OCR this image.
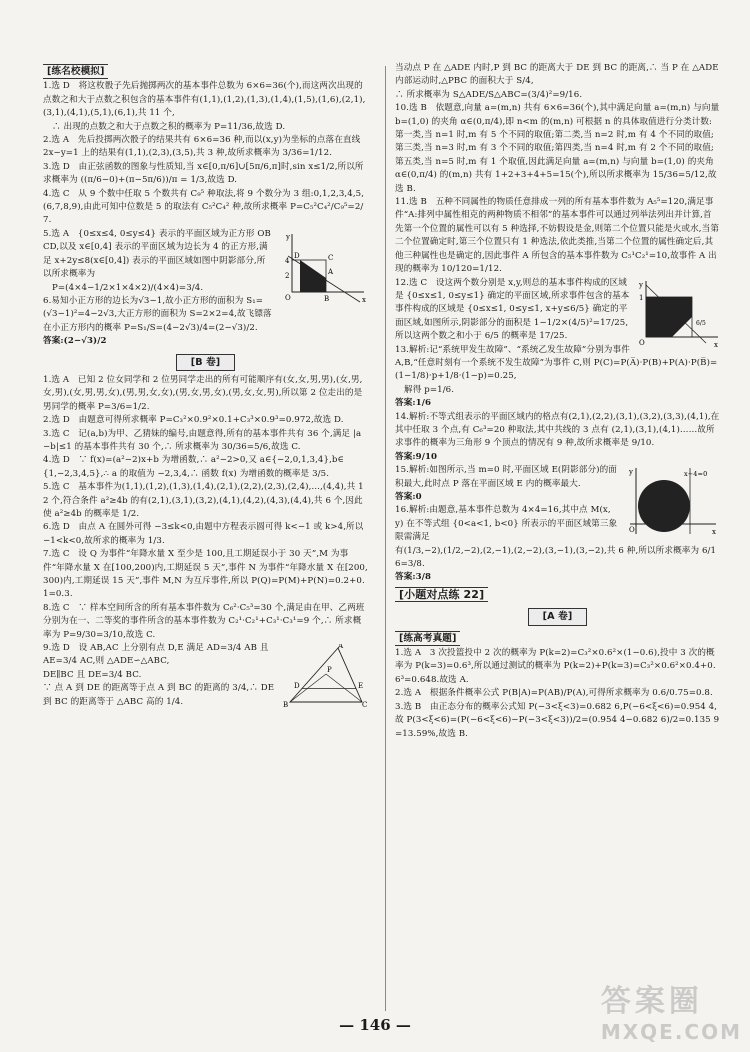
[练名校模拟]

1.选 D　将这枚骰子先后抛掷两次的基本事件总数为 6×6=36(个),而这两次出现的点数之和大于点数之积包含的基本事件有(1,1),(1,2),(1,3),(1,4),(1,5),(1,6),(2,1),(3,1),(4,1),(5,1),(6,1),共 11 个,

∴ 出现的点数之和大于点数之积的概率为 P=11/36,故选 D.

2.选 A　先后投掷两次骰子的结果共有 6×6=36 种,而以(x,y)为坐标的点落在直线 2x−y=1 上的结果有(1,1),(2,3),(3,5),共 3 种,故所求概率为 3/36=1/12.

3.选 D　由正弦函数的图象与性质知,当 x∈[0,π/6]∪[5π/6,π]时,sin x≤1/2,所以所求概率为 ((π/6−0)+(π−5π/6))/π = 1/3,故选 D.

4.选 C　从 9 个数中任取 5 个数共有 C₉⁵ 种取法,将 9 个数分为 3 组:0,1,2,3,4,5,(6,7,8,9),由此可知中位数是 5 的取法有 C₅²C₄² 种,故所求概率 P=C₅²C₄²/C₉⁵=2/7.

y
x
O
2
4
A
B
C
D

5.选 A　{0≤x≤4, 0≤y≤4} 表示的平面区域为正方形 OBCD,以及 x∈[0,4] 表示的平面区域为边长为 4 的正方形,满足 x+2y≤8(x∈[0,4]) 表示的平面区域如图中阴影部分,所以所求概率为

P=(4×4−1/2×1×4×2)/(4×4)=3/4.

6.易知小正方形的边长为√3−1,故小正方形的面积为 S₁=(√3−1)²=4−2√3,大正方形的面积为 S=2×2=4,故飞镖落在小正方形内的概率 P=S₁/S=(4−2√3)/4=(2−√3)/2.

答案:(2−√3)/2

[B 卷]

1.选 A　已知 2 位女同学和 2 位男同学走出的所有可能顺序有(女,女,男,男),(女,男,女,男),(女,男,男,女),(男,男,女,女),(男,女,男,女),(男,女,女,男),所以第 2 位走出的是男同学的概率 P=3/6=1/2.

2.选 D　由题意可得所求概率 P=C₃²×0.9²×0.1+C₃³×0.9³=0.972,故选 D.

3.选 C　记(a,b)为甲、乙猜妹的编号,由题意得,所有的基本事件共有 36 个,满足 |a−b|≤1 的基本事件共有 30 个,∴ 所求概率为 30/36=5/6,故选 C.

4.选 D　∵ f(x)=(a²−2)x+b 为增函数,∴ a²−2>0,又 a∈{−2,0,1,3,4},b∈{1,−2,3,4,5},∴ a 的取值为 −2,3,4,∴ 函数 f(x) 为增函数的概率是 3/5.

5.选 C　基本事件为(1,1),(1,2),(1,3),(1,4),(2,1),(2,2),(2,3),(2,4),…,(4,4),共 12 个,符合条件 a²≥4b 的有(2,1),(3,1),(3,2),(4,1),(4,2),(4,3),(4,4),共 6 个,因此使 a²≥4b 的概率是 1/2.

6.选 D　由点 A 在圆外可得 −3≤k<0,由题中方程表示圆可得 k<−1 或 k>4,所以 −1<k<0,故所求的概率为 1/3.

7.选 C　设 Q 为事件“年降水量 X 至少是 100,且工期延误小于 30 天”,M 为事件“年降水量 X 在[100,200)内,工期延误 5 天”,事件 N 为事件“年降水量 X 在[200,300)内,工期延误 15 天”,事件 M,N 为互斥事件,所以 P(Q)=P(M)+P(N)=0.2+0.1=0.3.

8.选 C　∵ 样本空间所含的所有基本事件数为 C₆²·C₅³=30 个,满足由在甲、乙两班分别为在一、二等奖的事件所含的基本事件数为 C₂¹·C₂¹+C₃¹·C₃¹=9 个,∴ 所求概率为 P=9/30=3/10,故选 C.

A
B	C
D	E
P

9.选 D　设 AB,AC 上分别有点 D,E 满足 AD=3/4 AB 且 AE=3/4 AC,则 △ADE∽△ABC,

DE∥BC 且 DE=3/4 BC.

∵ 点 A 到 DE 的距离等于点 A 到 BC 的距离的 3/4,∴ DE 到 BC 的距离等于 △ABC 高的 1/4.

当动点 P 在 △ADE 内时,P 到 BC 的距离大于 DE 到 BC 的距离,∴ 当 P 在 △ADE 内部运动时,△PBC 的面积大于 S/4,

∴ 所求概率为 S△ADE/S△ABC=(3/4)²=9/16.

10.选 B　依题意,向量 a=(m,n) 共有 6×6=36(个),其中满足向量 a=(m,n) 与向量 b=(1,0) 的夹角 α∈(0,π/4),即 n<m 的(m,n) 可根据 n 的具体取值进行分类计数:第一类,当 n=1 时,m 有 5 个不同的取值;第二类,当 n=2 时,m 有 4 个不同的取值;第三类,当 n=3 时,m 有 3 个不同的取值;第四类,当 n=4 时,m 有 2 个不同的取值;第五类,当 n=5 时,m 有 1 个取值,因此满足向量 a=(m,n) 与向量 b=(1,0) 的夹角 α∈(0,π/4) 的(m,n) 共有 1+2+3+4+5=15(个),所以所求概率为 15/36=5/12,故选 B.

11.选 B　五种不同属性的物质任意排成一列的所有基本事件数为 A₅⁵=120,满足事件“A:排列中属性相克的两种物质不相邻”的基本事件可以通过列举法列出并计算,首先第一个位置的属性可以有 5 种选择,不妨假设是金,则第二个位置只能是火或水,当第二个位置确定时,第三个位置只有 1 种选法,依此类推,当第二个位置的属性确定后,其他三种属性也是确定的,因此事件 A 所包含的基本事件数为 C₅¹C₂¹=10,故事件 A 出现的概率为 10/120=1/12.

y
x
O
1
6/5

12.选 C　设这两个数分别是 x,y,则总的基本事件构成的区域是 {0≤x≤1, 0≤y≤1} 确定的平面区域,所求事件包含的基本事件构成的区域是 {0≤x≤1, 0≤y≤1, x+y≤6/5} 确定的平面区域,如图所示,阴影部分的面积是 1−1/2×(4/5)²=17/25,所以这两个数之和小于 6/5 的概率是 17/25.

13.解析:记“系统甲发生故障”、“系统乙发生故障”分别为事件 A,B,“任意时刻有一个系统不发生故障”为事件 C,则 P(C)=P(A̅)·P(B)+P(A)·P(B̅)=(1−1/8)·p+1/8·(1−p)=0.25,

解得 p=1/6.

答案:1/6

14.解析:不等式组表示的平面区域内的格点有(2,1),(2,2),(3,1),(3,2),(3,3),(4,1),在其中任取 3 个点,有 C₆³=20 种取法,其中共线的 3 点有 (2,1),(3,1),(4,1)……故所求事件的概率为三角形 9 个顶点的情况有 9 种,故所求概率是 9/10.

答案:9/10

y
x
O
x−4=0

15.解析:如图所示,当 m=0 时,平面区域 E(阴影部分)的面积最大,此时点 P 落在平面区域 E 内的概率最大.

答案:0

16.解析:由题意,基本事件总数为 4×4=16,其中点 M(x,y) 在不等式组 {0<a<1, b<0} 所表示的平面区域第三象限需满足

有(1/3,−2),(1/2,−2),(2,−1),(2,−2),(3,−1),(3,−2),共 6 种,所以所求概率为 6/16=3/8.

答案:3/8

[小题对点练 22]
[A 卷]
[练高考真题]

1.选 A　3 次投篮投中 2 次的概率为 P(k=2)=C₃²×0.6²×(1−0.6),投中 3 次的概率为 P(k=3)=0.6³,所以通过测试的概率为 P(k=2)+P(k=3)=C₃²×0.6²×0.4+0.6³=0.648.故选 A.

2.选 A　根据条件概率公式 P(B|A)=P(AB)/P(A),可得所求概率为 0.6/0.75=0.8.

3.选 B　由正态分布的概率公式知 P(−3<ξ<3)=0.682 6,P(−6<ξ<6)=0.954 4,故 P(3<ξ<6)=(P(−6<ξ<6)−P(−3<ξ<3))/2=(0.954 4−0.682 6)/2=0.135 9=13.59%,故选 B.

— 146 —
答案圈
MXQE.COM
